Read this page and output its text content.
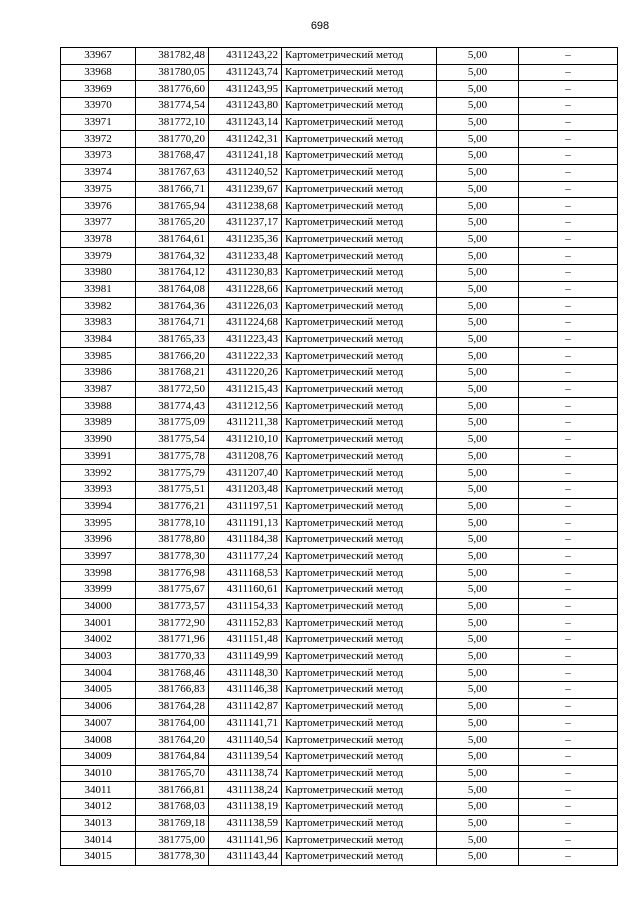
698
33967	381782,48	4311243,22	Картометрический метод	5,00	–
33968	381780,05	4311243,74	Картометрический метод	5,00	–
33969	381776,60	4311243,95	Картометрический метод	5,00	–
33970	381774,54	4311243,80	Картометрический метод	5,00	–
33971	381772,10	4311243,14	Картометрический метод	5,00	–
33972	381770,20	4311242,31	Картометрический метод	5,00	–
33973	381768,47	4311241,18	Картометрический метод	5,00	–
33974	381767,63	4311240,52	Картометрический метод	5,00	–
33975	381766,71	4311239,67	Картометрический метод	5,00	–
33976	381765,94	4311238,68	Картометрический метод	5,00	–
33977	381765,20	4311237,17	Картометрический метод	5,00	–
33978	381764,61	4311235,36	Картометрический метод	5,00	–
33979	381764,32	4311233,48	Картометрический метод	5,00	–
33980	381764,12	4311230,83	Картометрический метод	5,00	–
33981	381764,08	4311228,66	Картометрический метод	5,00	–
33982	381764,36	4311226,03	Картометрический метод	5,00	–
33983	381764,71	4311224,68	Картометрический метод	5,00	–
33984	381765,33	4311223,43	Картометрический метод	5,00	–
33985	381766,20	4311222,33	Картометрический метод	5,00	–
33986	381768,21	4311220,26	Картометрический метод	5,00	–
33987	381772,50	4311215,43	Картометрический метод	5,00	–
33988	381774,43	4311212,56	Картометрический метод	5,00	–
33989	381775,09	4311211,38	Картометрический метод	5,00	–
33990	381775,54	4311210,10	Картометрический метод	5,00	–
33991	381775,78	4311208,76	Картометрический метод	5,00	–
33992	381775,79	4311207,40	Картометрический метод	5,00	–
33993	381775,51	4311203,48	Картометрический метод	5,00	–
33994	381776,21	4311197,51	Картометрический метод	5,00	–
33995	381778,10	4311191,13	Картометрический метод	5,00	–
33996	381778,80	4311184,38	Картометрический метод	5,00	–
33997	381778,30	4311177,24	Картометрический метод	5,00	–
33998	381776,98	4311168,53	Картометрический метод	5,00	–
33999	381775,67	4311160,61	Картометрический метод	5,00	–
34000	381773,57	4311154,33	Картометрический метод	5,00	–
34001	381772,90	4311152,83	Картометрический метод	5,00	–
34002	381771,96	4311151,48	Картометрический метод	5,00	–
34003	381770,33	4311149,99	Картометрический метод	5,00	–
34004	381768,46	4311148,30	Картометрический метод	5,00	–
34005	381766,83	4311146,38	Картометрический метод	5,00	–
34006	381764,28	4311142,87	Картометрический метод	5,00	–
34007	381764,00	4311141,71	Картометрический метод	5,00	–
34008	381764,20	4311140,54	Картометрический метод	5,00	–
34009	381764,84	4311139,54	Картометрический метод	5,00	–
34010	381765,70	4311138,74	Картометрический метод	5,00	–
34011	381766,81	4311138,24	Картометрический метод	5,00	–
34012	381768,03	4311138,19	Картометрический метод	5,00	–
34013	381769,18	4311138,59	Картометрический метод	5,00	–
34014	381775,00	4311141,96	Картометрический метод	5,00	–
34015	381778,30	4311143,44	Картометрический метод	5,00	–
